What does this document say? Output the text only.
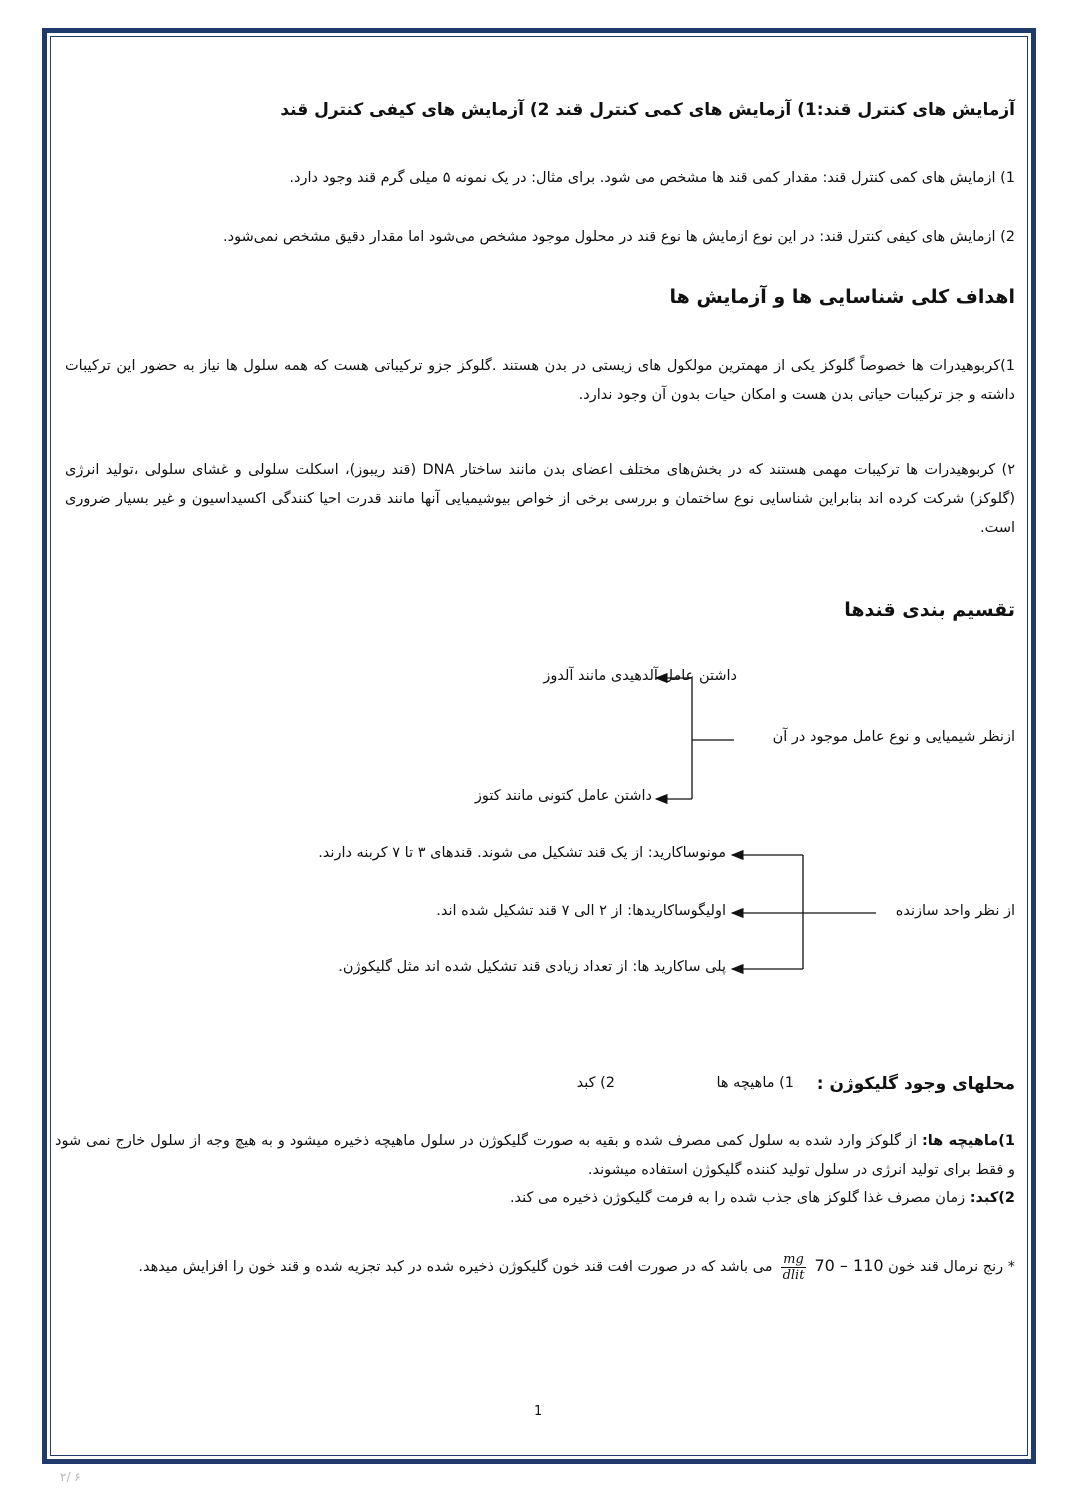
آزمایش های کنترل قند:1) آزمایش های کمی کنترل قند 2) آزمایش های کیفی کنترل قند
1) ازمایش های کمی کنترل قند: مقدار کمی قند ها مشخص می شود. برای مثال: در یک نمونه ۵ میلی گرم قند وجود دارد.
2) ازمایش های کیفی کنترل قند: در این نوع ازمایش ها نوع قند در محلول موجود مشخص می‌شود اما مقدار دقیق مشخص نمی‌شود.
اهداف کلی شناسایی ها و آزمایش ها
1)کربوهیدرات ها خصوصاً گلوکز یکی از مهمترین مولکول های زیستی در بدن هستند .گلوکز جزو ترکیباتی هست که همه سلول ها نیاز به حضور این ترکیبات داشته و جز ترکیبات حیاتی بدن هست و امکان حیات بدون آن وجود ندارد.
۲) کربوهیدرات ها ترکیبات مهمی هستند که در بخش‌های مختلف اعضای بدن مانند ساختار DNA (قند ریبوز)، اسکلت سلولی و غشای سلولی ،تولید انرژی (گلوکز) شرکت کرده اند بنابراین شناسایی نوع ساختمان و بررسی برخی از خواص بیوشیمیایی آنها مانند قدرت احیا کنندگی اکسیداسیون و غیر بسیار ضروری است.
تقسیم بندی قندها
داشتن عامل آلدهیدی مانند آلدوز
ازنظر شیمیایی و نوع عامل موجود در آن
داشتن عامل کتونی مانند کتوز
مونوساکارید: از یک قند تشکیل می شوند. قندهای ۳ تا ۷ کربنه دارند.
از نظر واحد سازنده
اولیگوساکاریدها: از ۲ الی ۷ قند تشکیل شده اند.
پلی ساکارید ها: از تعداد زیادی قند تشکیل شده اند مثل گلیکوژن.
محلهای وجود گلیکوژن :
1) ماهیچه ها
2) کبد
1)ماهیچه ها: از گلوکز وارد شده به سلول کمی مصرف شده و بقیه به صورت گلیکوژن در سلول ماهیچه ذخیره میشود و به هیچ وجه از سلول خارج نمی شود و فقط برای تولید انرژی در سلول تولید کننده گلیکوژن استفاده میشوند.
2)کبد: زمان مصرف غذا گلوکز های جذب شده را به فرمت گلیکوژن ذخیره می کند.
* رنج نرمال قند خون 70 – 110
$\frac{mg}{\text{dlit}}$
می باشد که در صورت افت قند خون گلیکوژن ذخیره شده در کبد تجزیه شده و قند خون را افزایش میدهد.
1
۲/ ۶
